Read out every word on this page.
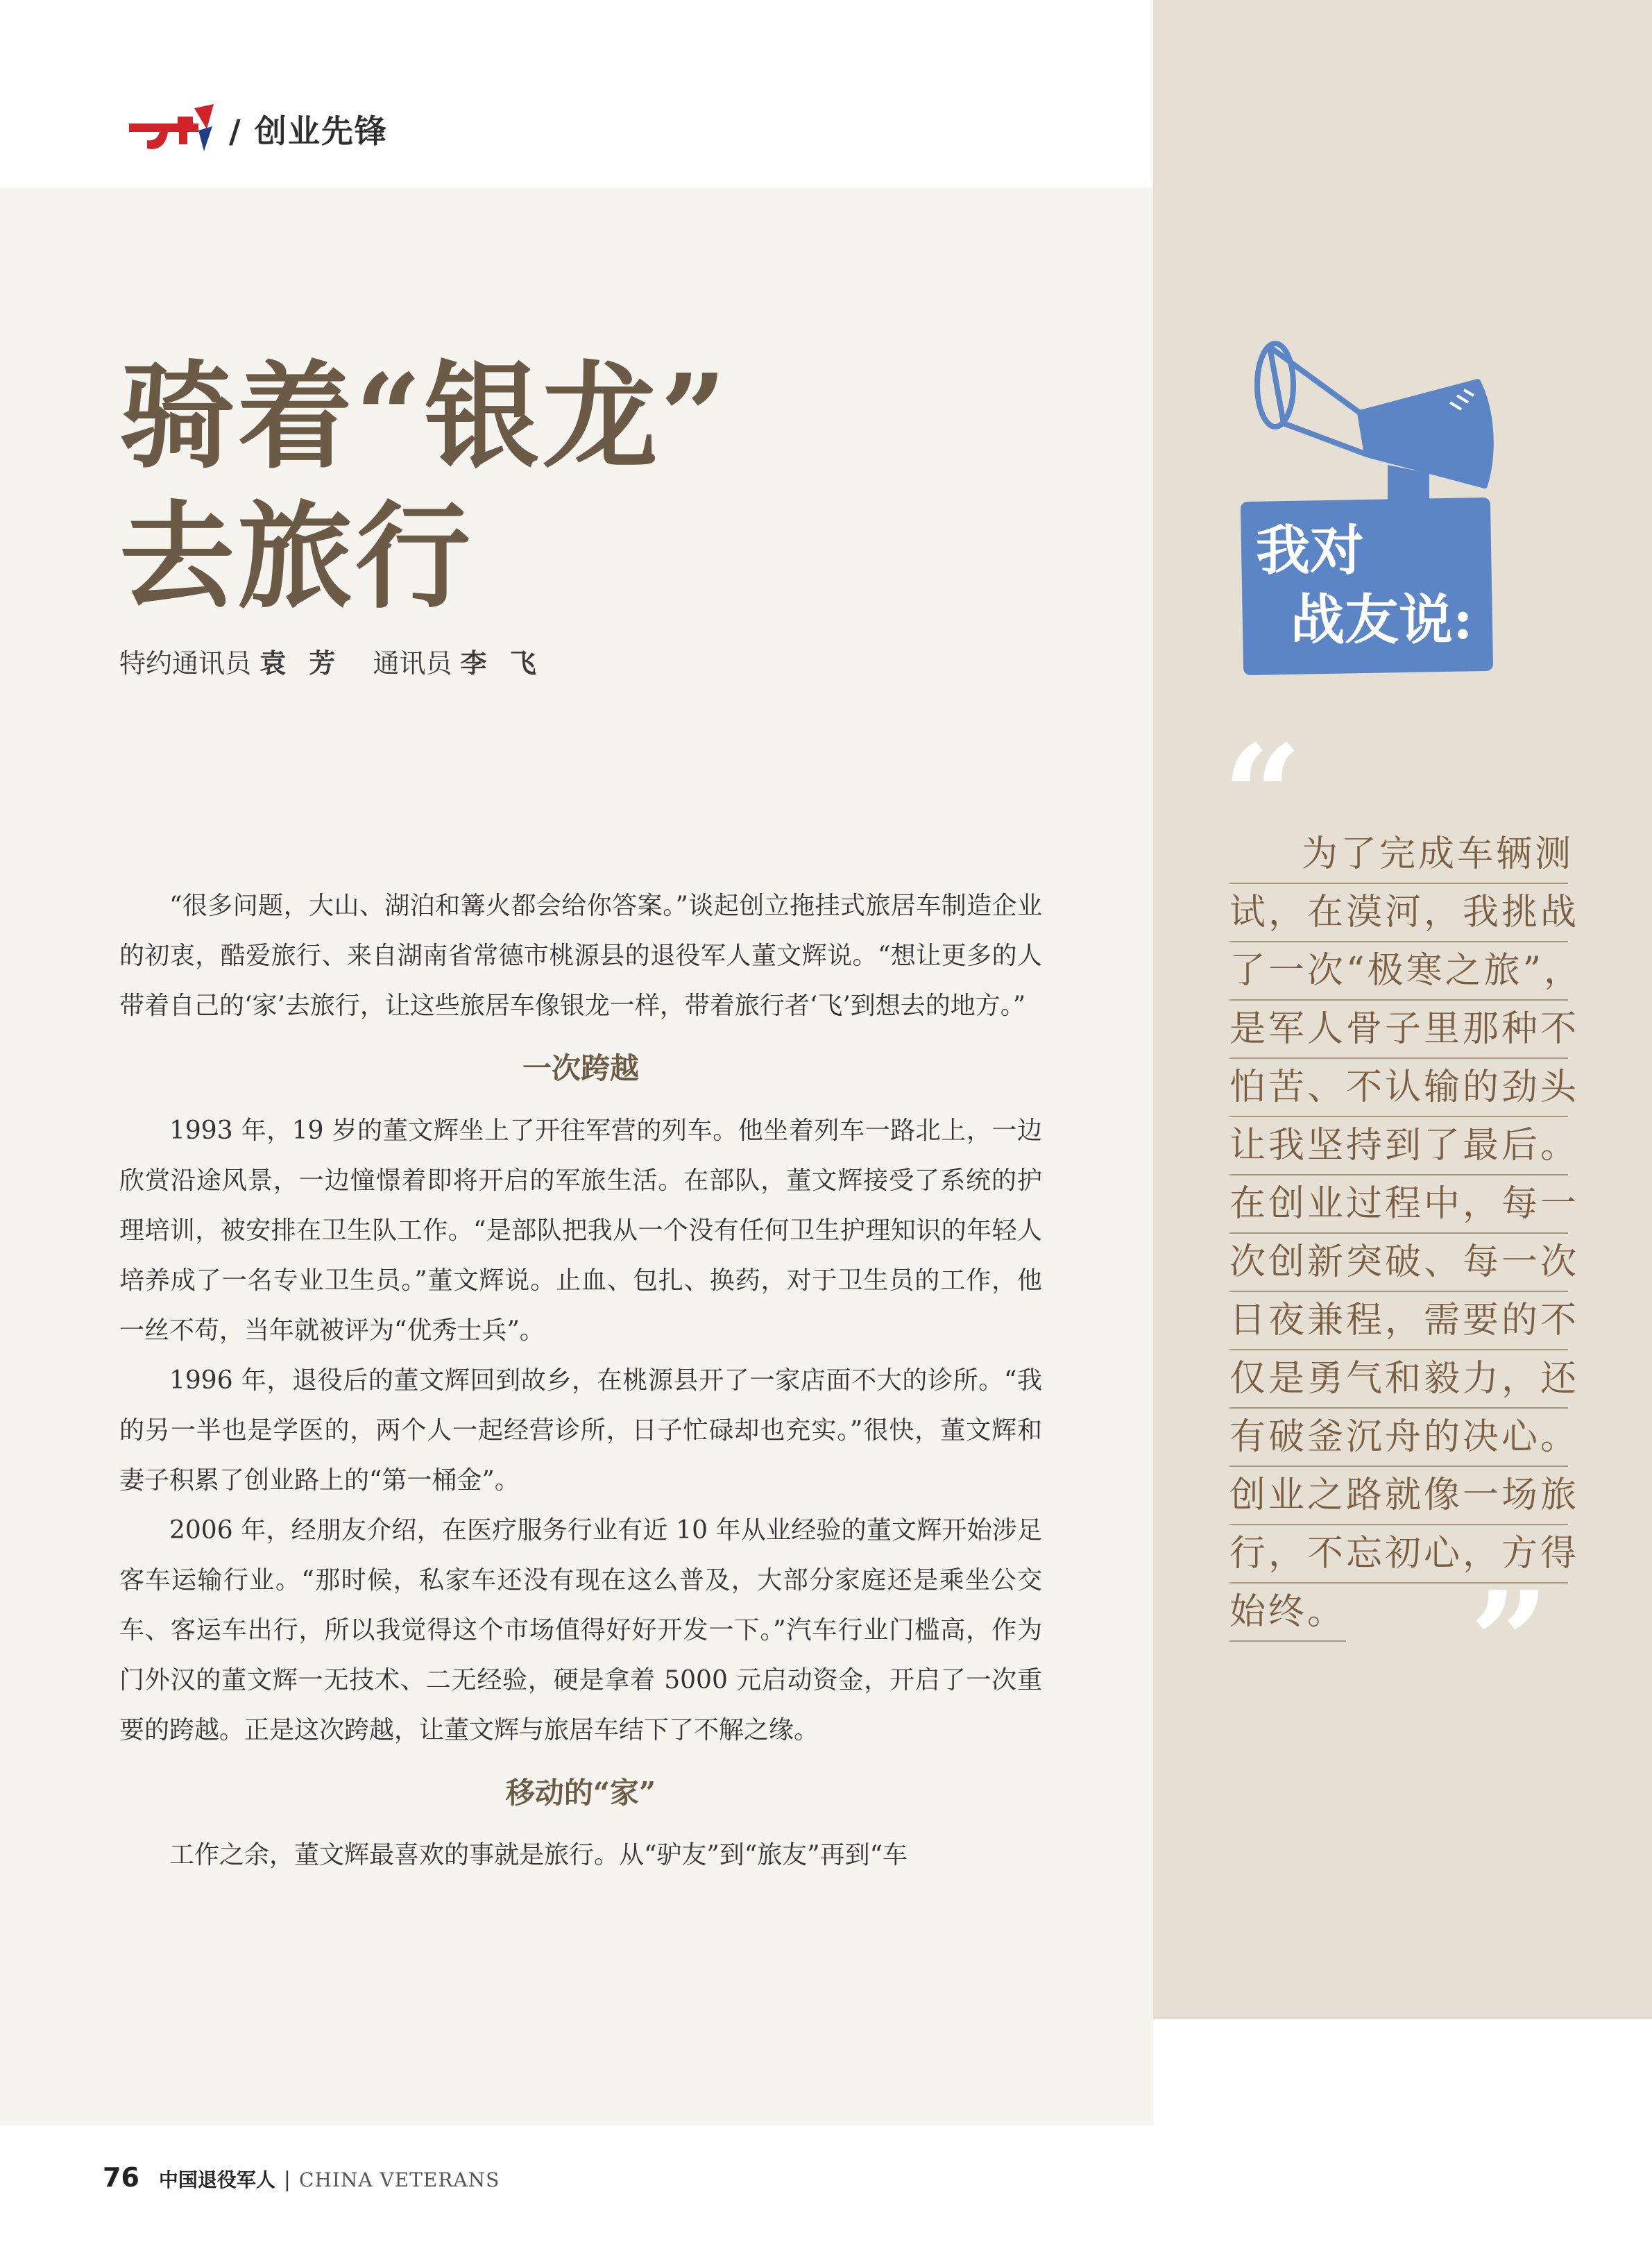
/ 创业先锋
骑着“银龙”
去旅行
特约通讯员 袁 芳 通讯员 李 飞

“很多问题，大山、湖泊和篝火都会给你答案。”谈起创立拖挂式旅居车制造企业的初衷，酷爱旅行、来自湖南省常德市桃源县的退役军人董文辉说。“想让更多的人带着自己的‘家’去旅行，让这些旅居车像银龙一样，带着旅行者‘飞’到想去的地方。”

一次跨越

1993 年，19 岁的董文辉坐上了开往军营的列车。他坐着列车一路北上，一边欣赏沿途风景，一边憧憬着即将开启的军旅生活。在部队，董文辉接受了系统的护理培训，被安排在卫生队工作。“是部队把我从一个没有任何卫生护理知识的年轻人培养成了一名专业卫生员。”董文辉说。止血、包扎、换药，对于卫生员的工作，他一丝不苟，当年就被评为“优秀士兵”。

1996 年，退役后的董文辉回到故乡，在桃源县开了一家店面不大的诊所。“我的另一半也是学医的，两个人一起经营诊所，日子忙碌却也充实。”很快，董文辉和妻子积累了创业路上的“第一桶金”。

2006 年，经朋友介绍，在医疗服务行业有近 10 年从业经验的董文辉开始涉足客车运输行业。“那时候，私家车还没有现在这么普及，大部分家庭还是乘坐公交车、客运车出行，所以我觉得这个市场值得好好开发一下。”汽车行业门槛高，作为门外汉的董文辉一无技术、二无经验，硬是拿着 5000 元启动资金，开启了一次重要的跨越。正是这次跨越，让董文辉与旅居车结下了不解之缘。

移动的“家”

工作之余，董文辉最喜欢的事就是旅行。从“驴友”到“旅友”再到“车

我对
战友说:
“
为了完成车辆测
试，在漠河，我挑战
了一次“极寒之旅”，
是军人骨子里那种不
怕苦、不认输的劲头
让我坚持到了最后。
在创业过程中，每一
次创新突破、每一次
日夜兼程，需要的不
仅是勇气和毅力，还
有破釜沉舟的决心。
创业之路就像一场旅
行，不忘初心，方得
始终。 ”
76 中国退役军人 | CHINA VETERANS
